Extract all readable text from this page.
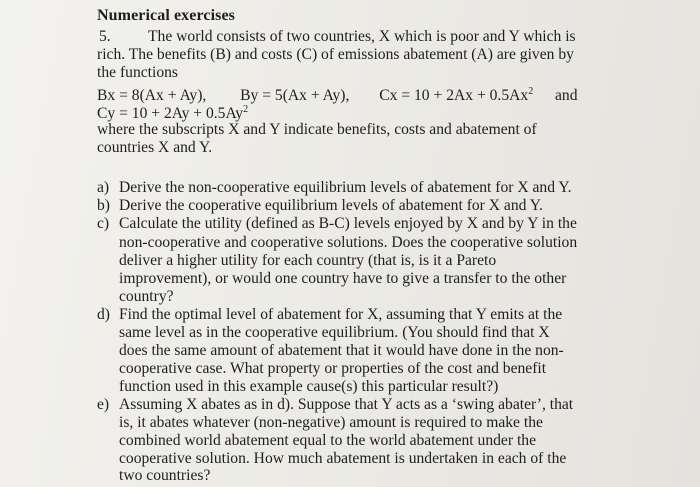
Numerical exercises
5. The world consists of two countries, X which is poor and Y which is
rich. The benefits (B) and costs (C) of emissions abatement (A) are given by
the functions
Bx = 8(Ax + Ay), By = 5(Ax + Ay), $Cx = 10 + 2Ax + 0.5Ax^2$ and
$Cy = 10 + 2Ay + 0.5Ay^2$
where the subscripts X and Y indicate benefits, costs and abatement of
countries X and Y.
a) Derive the non-cooperative equilibrium levels of abatement for X and Y.
b) Derive the cooperative equilibrium levels of abatement for X and Y.
c) Calculate the utility (defined as B-C) levels enjoyed by X and by Y in the
non-cooperative and cooperative solutions. Does the cooperative solution
deliver a higher utility for each country (that is, is it a Pareto
improvement), or would one country have to give a transfer to the other
country?
d) Find the optimal level of abatement for X, assuming that Y emits at the
same level as in the cooperative equilibrium. (You should find that X
does the same amount of abatement that it would have done in the non-
cooperative case. What property or properties of the cost and benefit
function used in this example cause(s) this particular result?)
e) Assuming X abates as in d). Suppose that Y acts as a ‘swing abater’, that
is, it abates whatever (non-negative) amount is required to make the
combined world abatement equal to the world abatement under the
cooperative solution. How much abatement is undertaken in each of the
two countries?
